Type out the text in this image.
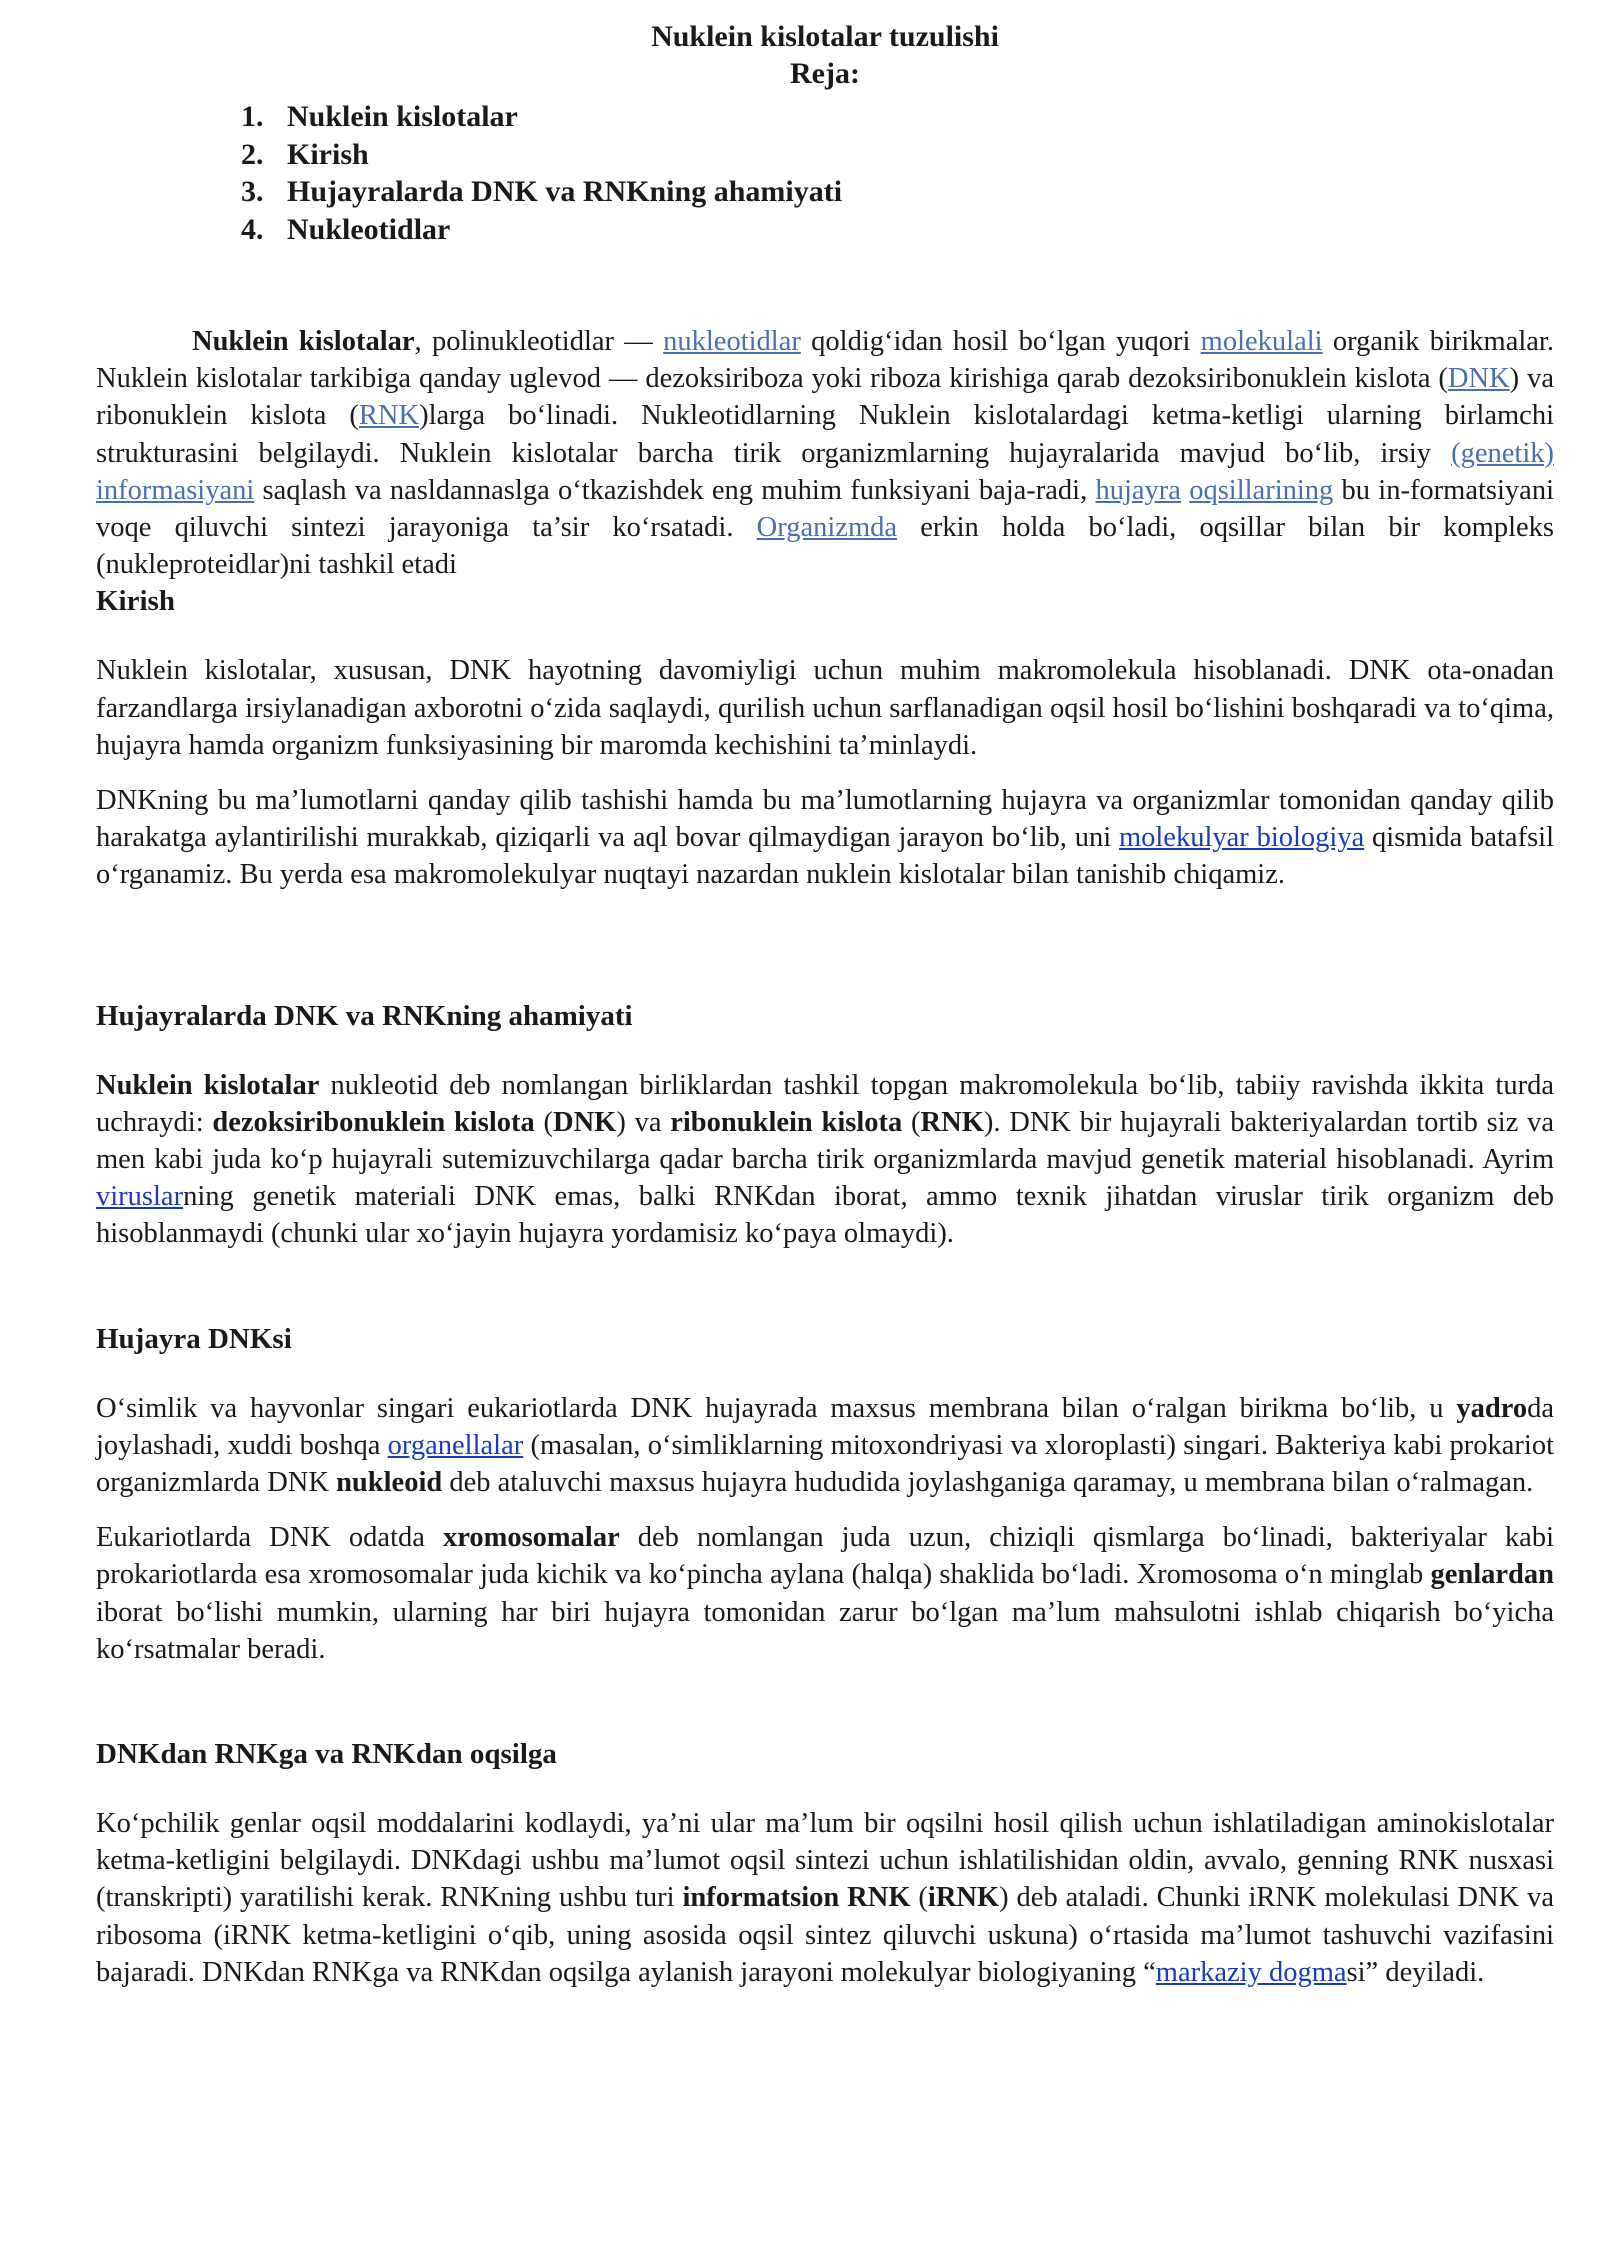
Nuklein kislotalar tuzulishi
Reja:
1. Nuklein kislotalar
2. Kirish
3. Hujayralarda DNK va RNKning ahamiyati
4. Nukleotidlar

Nuklein kislotalar, polinukleotidlar — nukleotidlar qoldig‘idan hosil bo‘lgan yuqori molekulali organik birikmalar. Nuklein kislotalar tarkibiga qanday uglevod — dezoksiriboza yoki riboza kirishiga qarab dezoksiribonuklein kislota (DNK) va ribonuklein kislota (RNK)larga bo‘linadi. Nukleotidlarning Nuklein kislotalardagi ketma-ketligi ularning birlamchi strukturasini belgilaydi. Nuklein kislotalar barcha tirik organizmlarning hujayralarida mavjud bo‘lib, irsiy (genetik) informasiyani saqlash va nasldannaslga o‘tkazishdek eng muhim funksiyani baja-radi, hujayra oqsillarining bu in-formatsiyani voqe qiluvchi sintezi jarayoniga ta’sir ko‘rsatadi. Organizmda erkin holda bo‘ladi, oqsillar bilan bir kompleks (nukleproteidlar)ni tashkil etadi

Kirish

Nuklein kislotalar, xususan, DNK hayotning davomiyligi uchun muhim makromolekula hisoblanadi. DNK ota-onadan farzandlarga irsiylanadigan axborotni o‘zida saqlaydi, qurilish uchun sarflanadigan oqsil hosil bo‘lishini boshqaradi va to‘qima, hujayra hamda organizm funksiyasining bir maromda kechishini ta’minlaydi.

DNKning bu ma’lumotlarni qanday qilib tashishi hamda bu ma’lumotlarning hujayra va organizmlar tomonidan qanday qilib harakatga aylantirilishi murakkab, qiziqarli va aql bovar qilmaydigan jarayon bo‘lib, uni molekulyar biologiya qismida batafsil o‘rganamiz. Bu yerda esa makromolekulyar nuqtayi nazardan nuklein kislotalar bilan tanishib chiqamiz.

Hujayralarda DNK va RNKning ahamiyati

Nuklein kislotalar nukleotid deb nomlangan birliklardan tashkil topgan makromolekula bo‘lib, tabiiy ravishda ikkita turda uchraydi: dezoksiribonuklein kislota (DNK) va ribonuklein kislota (RNK). DNK bir hujayrali bakteriyalardan tortib siz va men kabi juda ko‘p hujayrali sutemizuvchilarga qadar barcha tirik organizmlarda mavjud genetik material hisoblanadi. Ayrim viruslarning genetik materiali DNK emas, balki RNKdan iborat, ammo texnik jihatdan viruslar tirik organizm deb hisoblanmaydi (chunki ular xo‘jayin hujayra yordamisiz ko‘paya olmaydi).

Hujayra DNKsi

O‘simlik va hayvonlar singari eukariotlarda DNK hujayrada maxsus membrana bilan o‘ralgan birikma bo‘lib, u yadroda joylashadi, xuddi boshqa organellalar (masalan, o‘simliklarning mitoxondriyasi va xloroplasti) singari. Bakteriya kabi prokariot organizmlarda DNK nukleoid deb ataluvchi maxsus hujayra hududida joylashganiga qaramay, u membrana bilan o‘ralmagan.

Eukariotlarda DNK odatda xromosomalar deb nomlangan juda uzun, chiziqli qismlarga bo‘linadi, bakteriyalar kabi prokariotlarda esa xromosomalar juda kichik va ko‘pincha aylana (halqa) shaklida bo‘ladi. Xromosoma o‘n minglab genlardan iborat bo‘lishi mumkin, ularning har biri hujayra tomonidan zarur bo‘lgan ma’lum mahsulotni ishlab chiqarish bo‘yicha ko‘rsatmalar beradi.

DNKdan RNKga va RNKdan oqsilga

Ko‘pchilik genlar oqsil moddalarini kodlaydi, ya’ni ular ma’lum bir oqsilni hosil qilish uchun ishlatiladigan aminokislotalar ketma-ketligini belgilaydi. DNKdagi ushbu ma’lumot oqsil sintezi uchun ishlatilishidan oldin, avvalo, genning RNK nusxasi (transkripti) yaratilishi kerak. RNKning ushbu turi informatsion RNK (iRNK) deb ataladi. Chunki iRNK molekulasi DNK va ribosoma (iRNK ketma-ketligini o‘qib, uning asosida oqsil sintez qiluvchi uskuna) o‘rtasida ma’lumot tashuvchi vazifasini bajaradi. DNKdan RNKga va RNKdan oqsilga aylanish jarayoni molekulyar biologiyaning “markaziy dogmasi” deyiladi.
